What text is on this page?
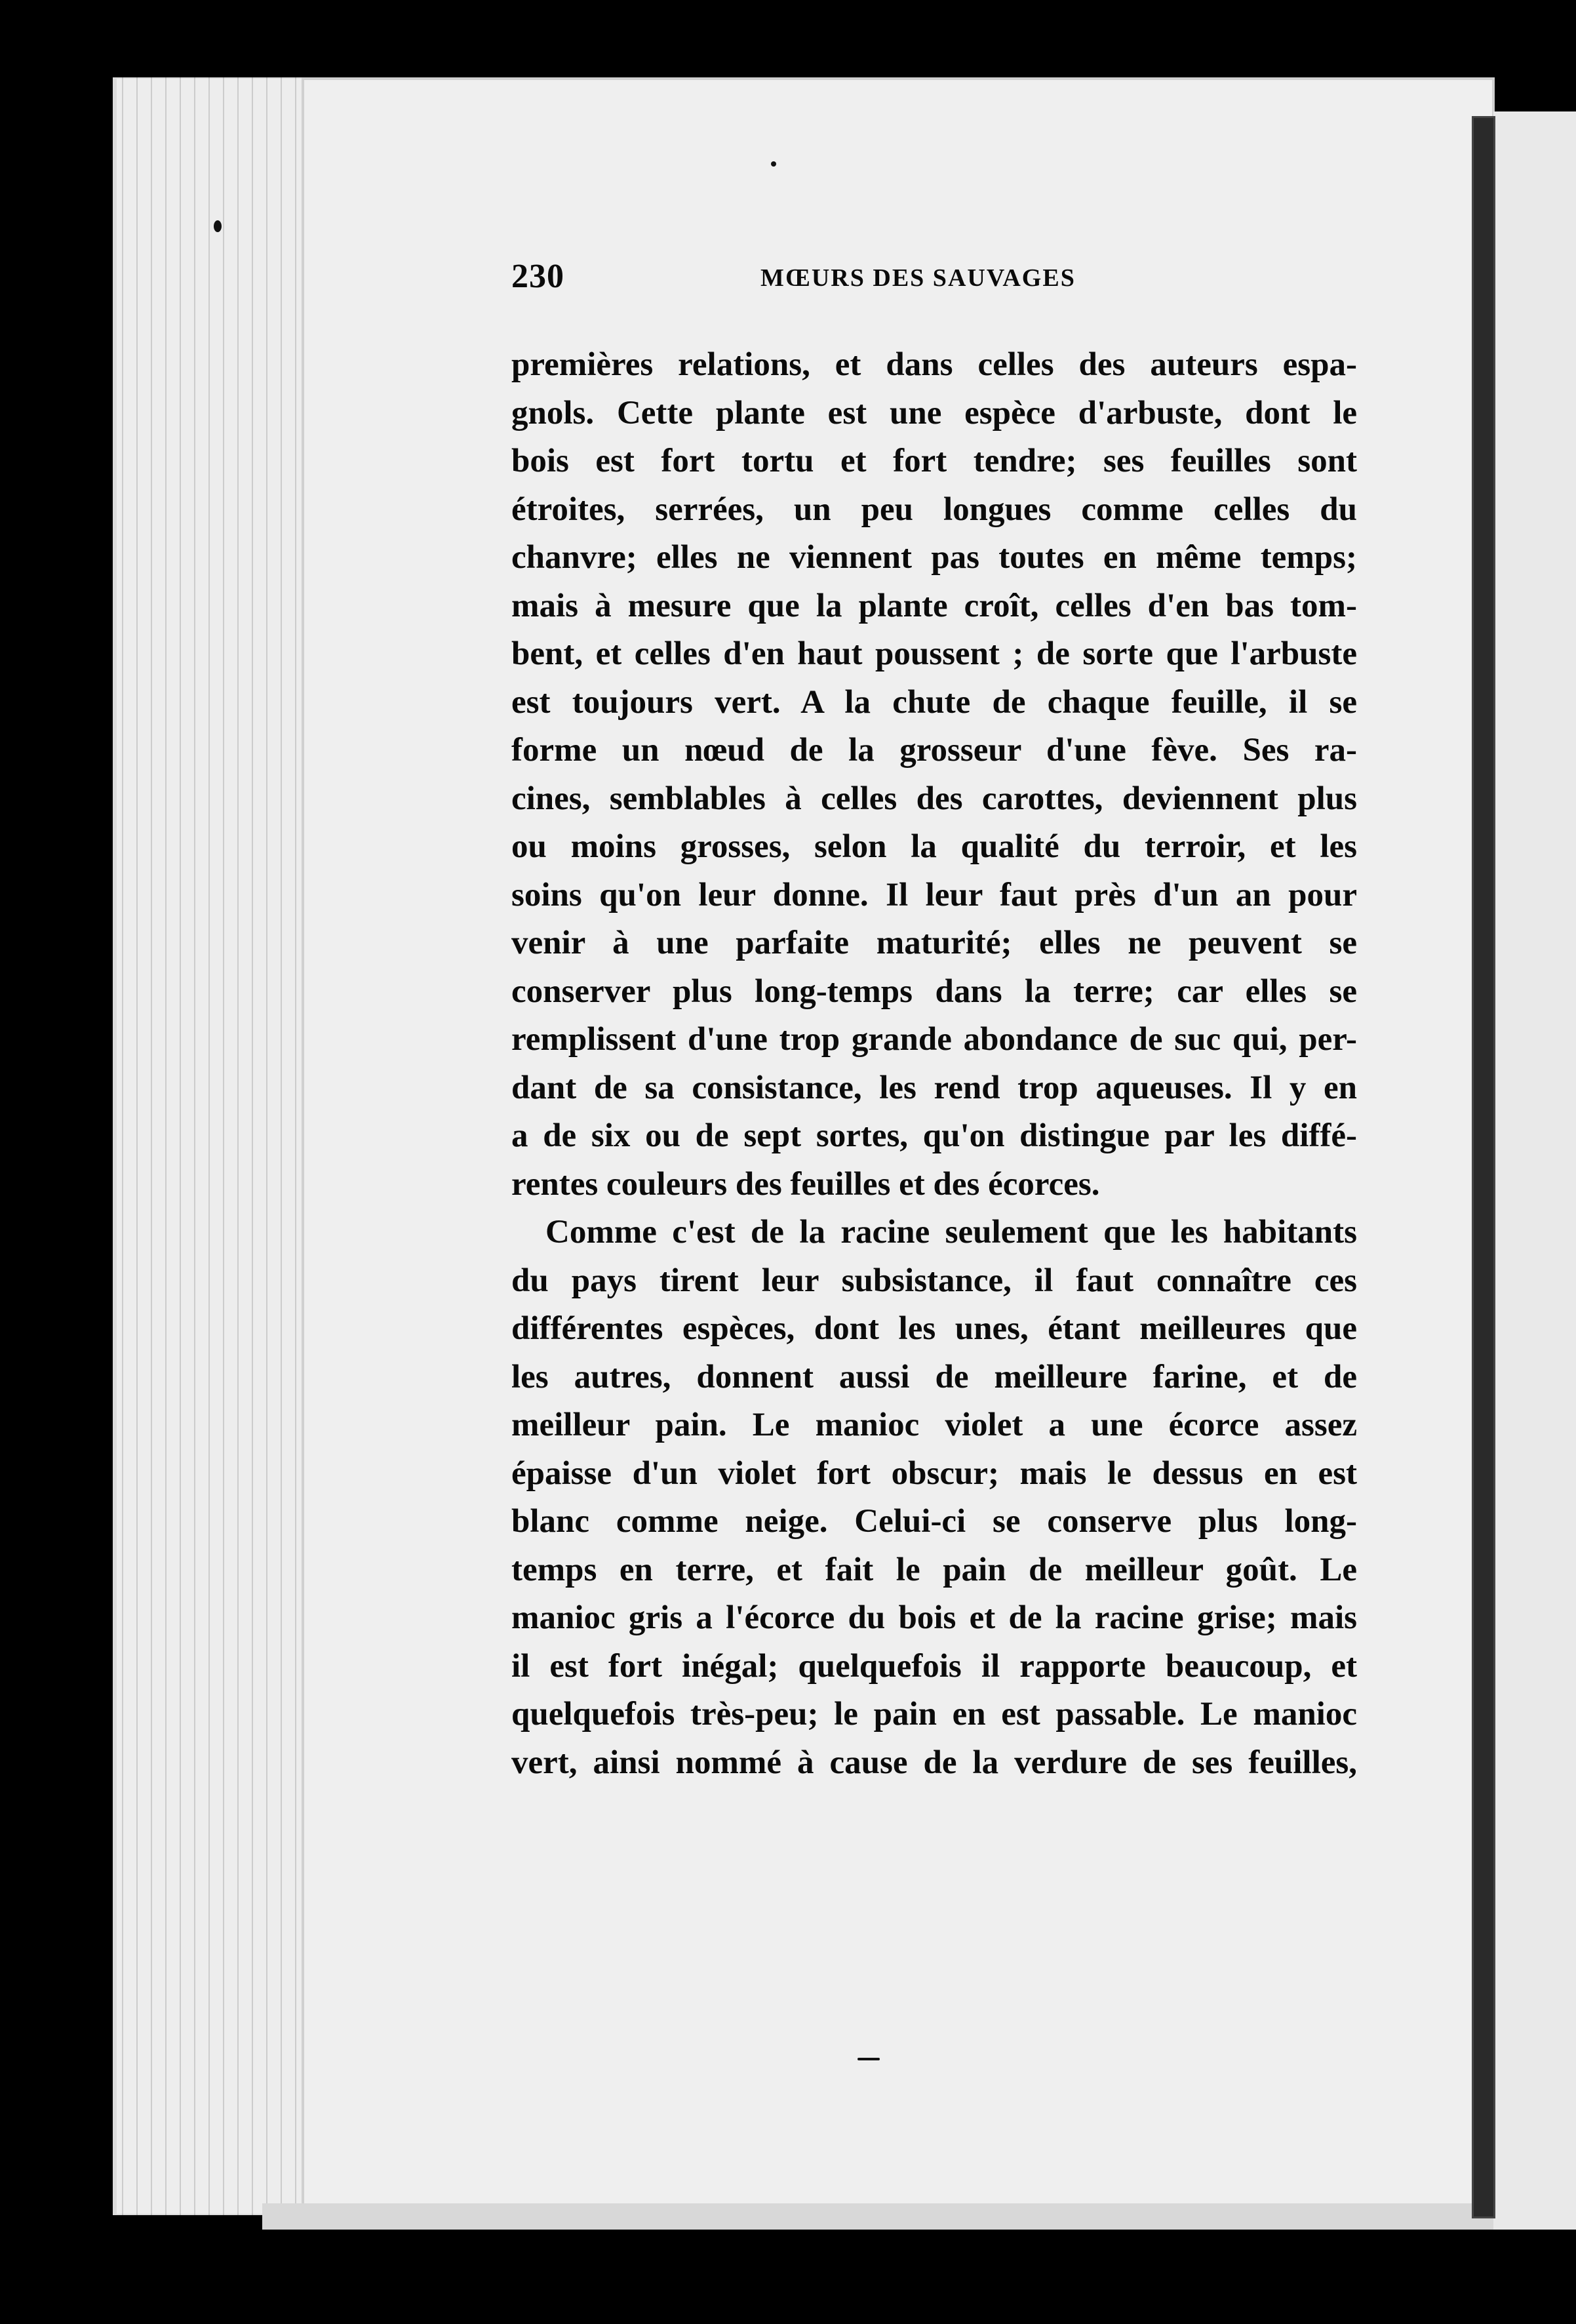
230	MŒURS DES SAUVAGES
premières relations, et dans celles des auteurs espa-
gnols. Cette plante est une espèce d'arbuste, dont le
bois est fort tortu et fort tendre; ses feuilles sont
étroites, serrées, un peu longues comme celles du
chanvre; elles ne viennent pas toutes en même temps;
mais à mesure que la plante croît, celles d'en bas tom-
bent, et celles d'en haut poussent ; de sorte que l'arbuste
est toujours vert. A la chute de chaque feuille, il se
forme un nœud de la grosseur d'une fève. Ses ra-
cines, semblables à celles des carottes, deviennent plus
ou moins grosses, selon la qualité du terroir, et les
soins qu'on leur donne. Il leur faut près d'un an pour
venir à une parfaite maturité; elles ne peuvent se
conserver plus long-temps dans la terre; car elles se
remplissent d'une trop grande abondance de suc qui, per-
dant de sa consistance, les rend trop aqueuses. Il y en
a de six ou de sept sortes, qu'on distingue par les diffé-
rentes couleurs des feuilles et des écorces.
Comme c'est de la racine seulement que les habitants
du pays tirent leur subsistance, il faut connaître ces
différentes espèces, dont les unes, étant meilleures que
les autres, donnent aussi de meilleure farine, et de
meilleur pain. Le manioc violet a une écorce assez
épaisse d'un violet fort obscur; mais le dessus en est
blanc comme neige. Celui-ci se conserve plus long-
temps en terre, et fait le pain de meilleur goût. Le
manioc gris a l'écorce du bois et de la racine grise; mais
il est fort inégal; quelquefois il rapporte beaucoup, et
quelquefois très-peu; le pain en est passable. Le manioc
vert, ainsi nommé à cause de la verdure de ses feuilles,
